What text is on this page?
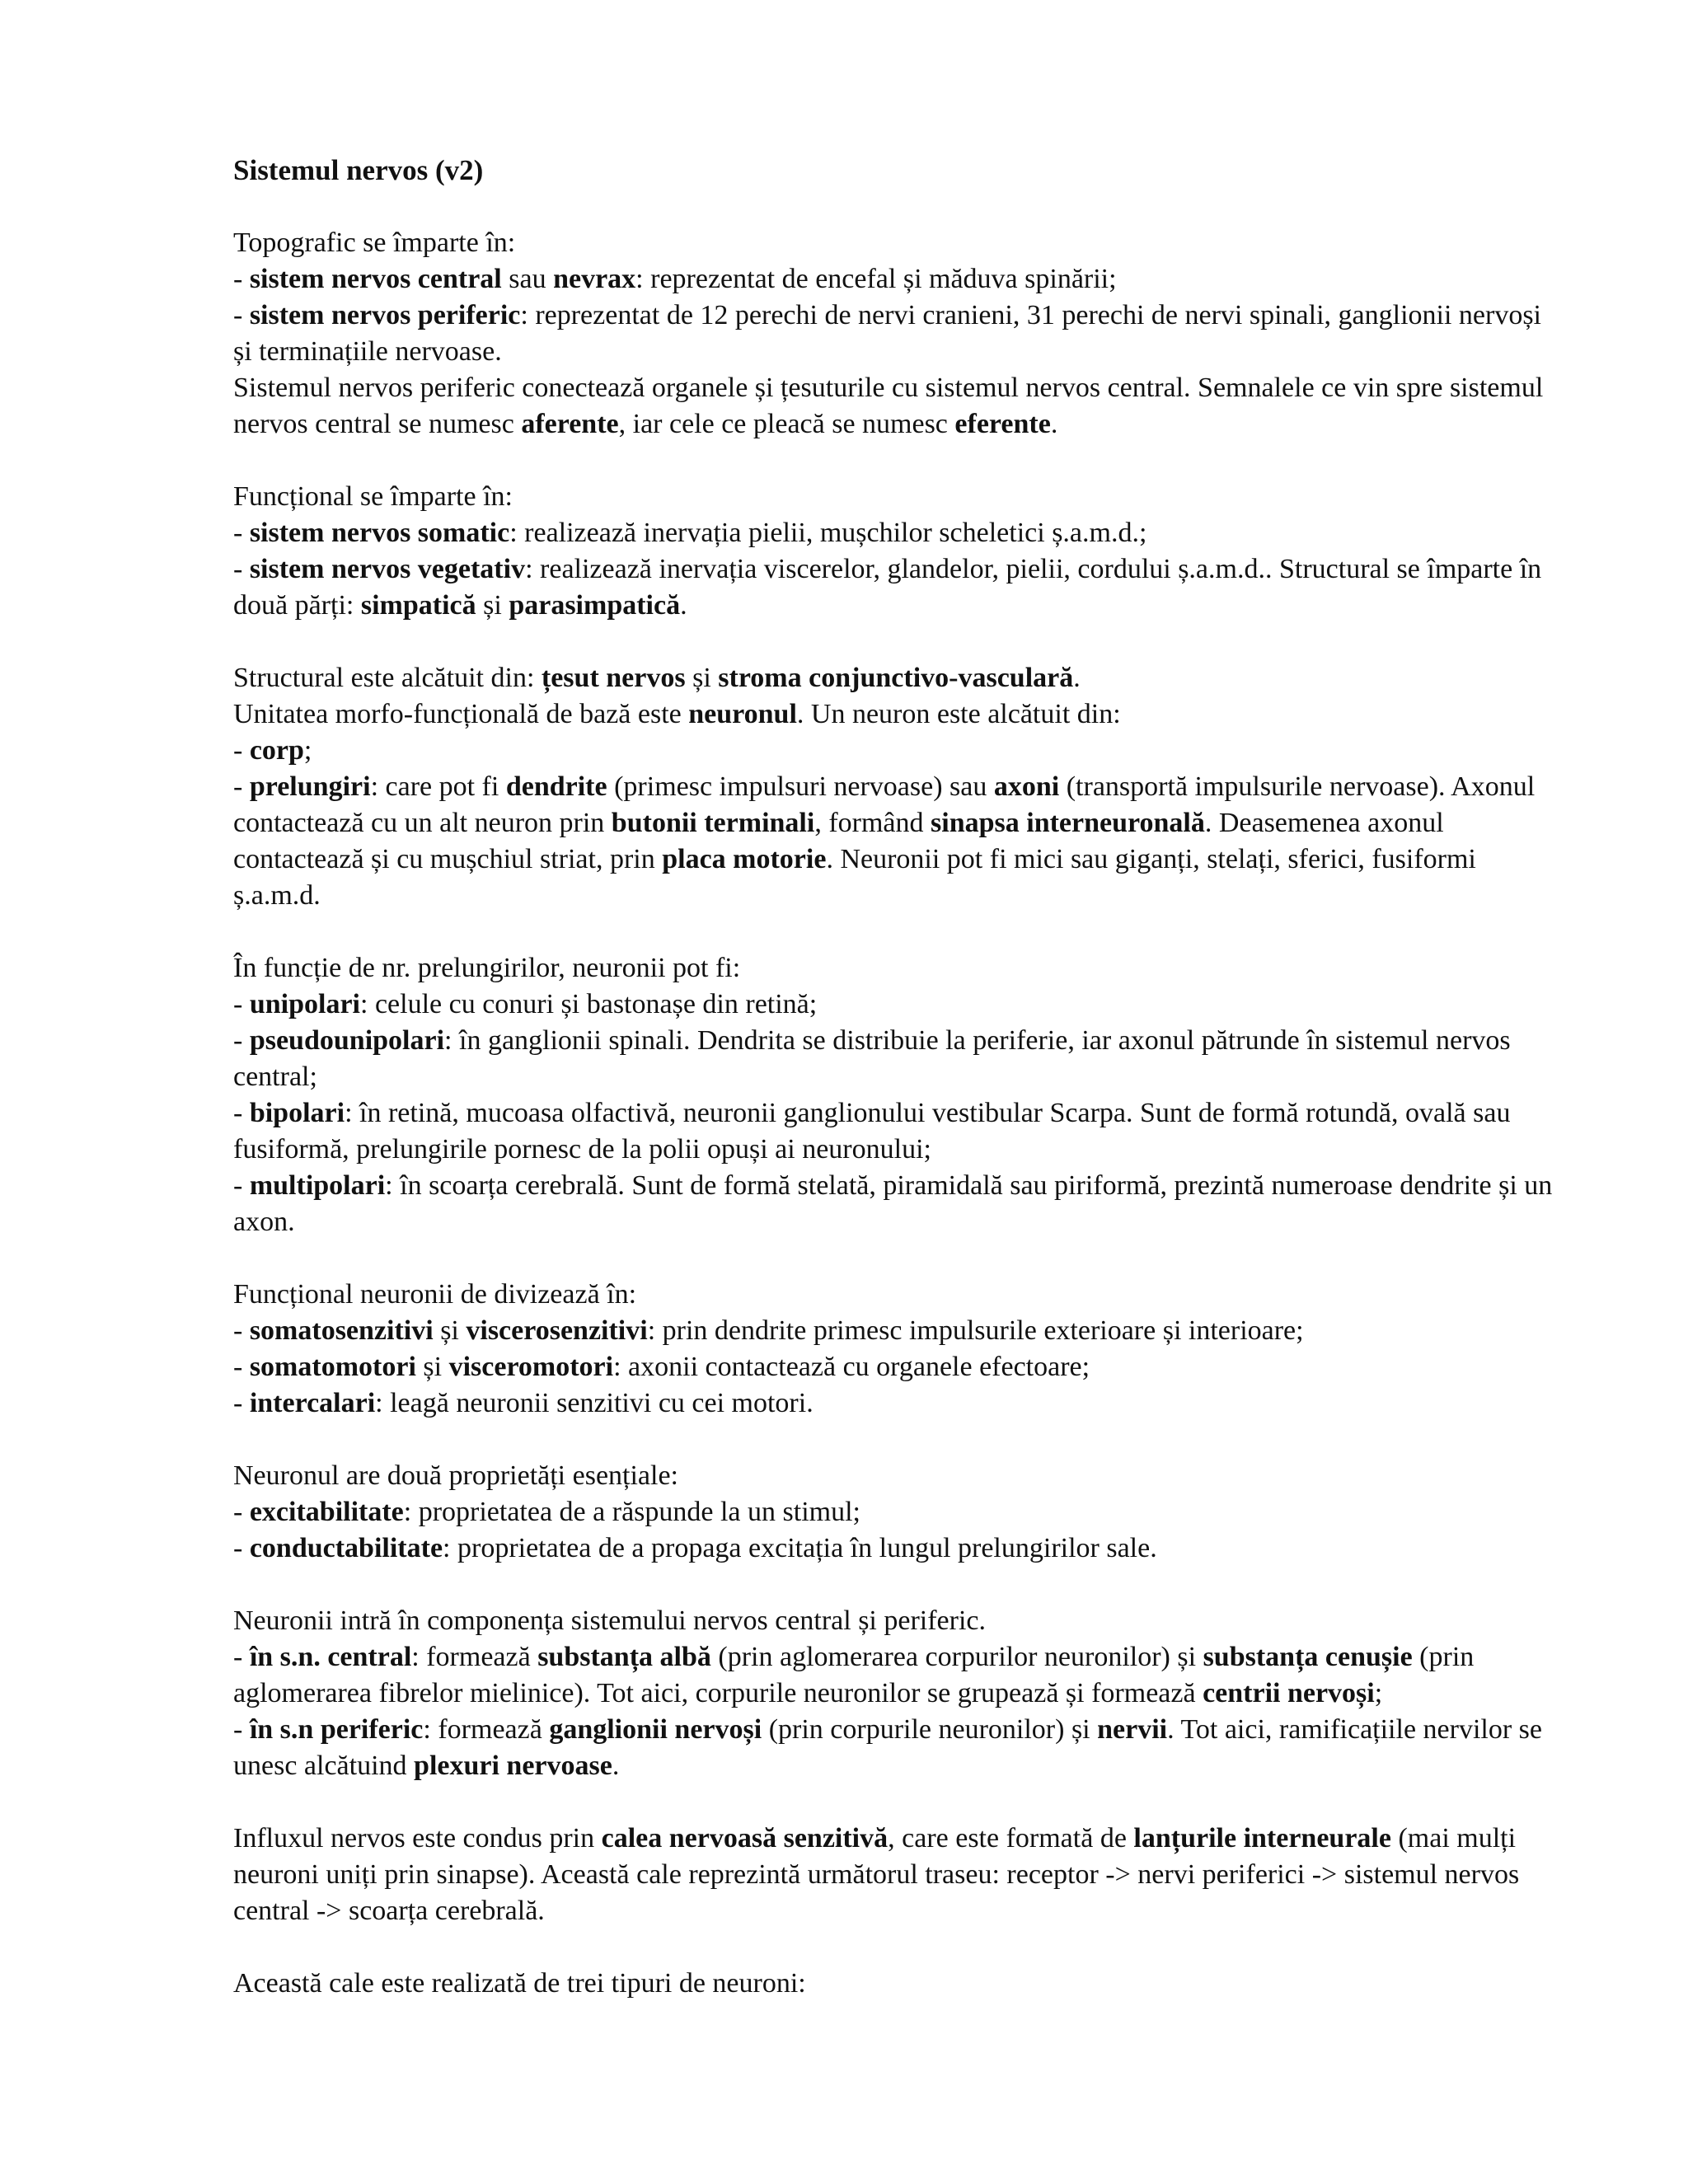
Sistemul nervos (v2)
Topografic se împarte în:
- sistem nervos central sau nevrax: reprezentat de encefal și măduva spinării;
- sistem nervos periferic: reprezentat de 12 perechi de nervi cranieni, 31 perechi de nervi spinali, ganglionii nervoși și terminațiile nervoase.
Sistemul nervos periferic conectează organele și țesuturile cu sistemul nervos central. Semnalele ce vin spre sistemul nervos central se numesc aferente, iar cele ce pleacă se numesc eferente.
Funcțional se împarte în:
- sistem nervos somatic: realizează inervația pielii, mușchilor scheletici ș.a.m.d.;
- sistem nervos vegetativ: realizează inervația viscerelor, glandelor, pielii, cordului ș.a.m.d.. Structural se împarte în două părți: simpatică și parasimpatică.
Structural este alcătuit din: țesut nervos și stroma conjunctivo-vasculară.
Unitatea morfo-funcțională de bază este neuronul. Un neuron este alcătuit din:
- corp;
- prelungiri: care pot fi dendrite (primesc impulsuri nervoase) sau axoni (transportă impulsurile nervoase). Axonul contactează cu un alt neuron prin butonii terminali, formând sinapsa interneuronală. Deasemenea axonul contactează și cu mușchiul striat, prin placa motorie. Neuronii pot fi mici sau giganți, stelați, sferici, fusiformi ș.a.m.d.
În funcție de nr. prelungirilor, neuronii pot fi:
- unipolari: celule cu conuri și bastonașe din retină;
- pseudounipolari: în ganglionii spinali. Dendrita se distribuie la periferie, iar axonul pătrunde în sistemul nervos central;
- bipolari: în retină, mucoasa olfactivă, neuronii ganglionului vestibular Scarpa. Sunt de formă rotundă, ovală sau fusiformă, prelungirile pornesc de la polii opuși ai neuronului;
- multipolari: în scoarța cerebrală. Sunt de formă stelată, piramidală sau piriformă, prezintă numeroase dendrite și un axon.
Funcțional neuronii de divizează în:
- somatosenzitivi și viscerosenzitivi: prin dendrite primesc impulsurile exterioare și interioare;
- somatomotori și visceromotori: axonii contactează cu organele efectoare;
- intercalari: leagă neuronii senzitivi cu cei motori.
Neuronul are două proprietăți esențiale:
- excitabilitate: proprietatea de a răspunde la un stimul;
- conductabilitate: proprietatea de a propaga excitația în lungul prelungirilor sale.
Neuronii intră în componența sistemului nervos central și periferic.
- în s.n. central: formează substanța albă (prin aglomerarea corpurilor neuronilor) și substanța cenușie (prin aglomerarea fibrelor mielinice). Tot aici, corpurile neuronilor se grupează și formează centrii nervoși;
- în s.n periferic: formează ganglionii nervoși (prin corpurile neuronilor) și nervii. Tot aici, ramificațiile nervilor se unesc alcătuind plexuri nervoase.
Influxul nervos este condus prin calea nervoasă senzitivă, care este formată de lanțurile interneurale (mai mulți neuroni uniți prin sinapse). Această cale reprezintă următorul traseu: receptor -> nervi periferici -> sistemul nervos central -> scoarța cerebrală.
Această cale este realizată de trei tipuri de neuroni:
